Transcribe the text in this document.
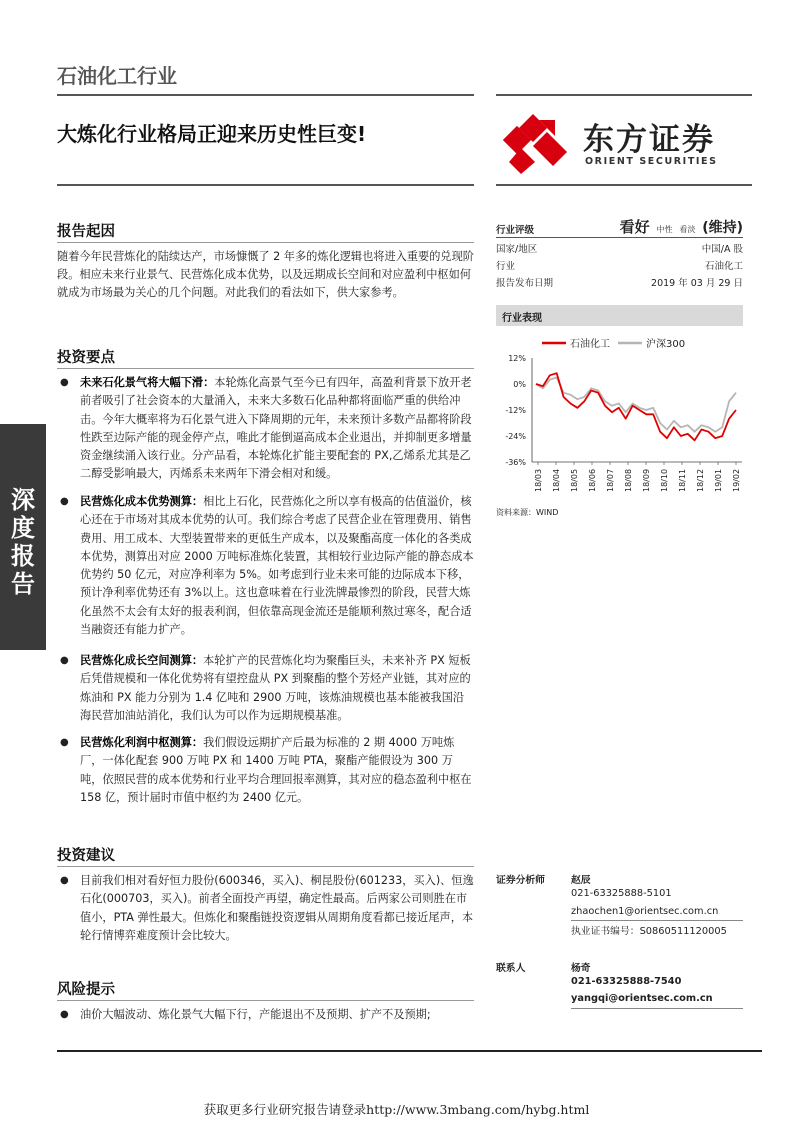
石油化工行业
大炼化行业格局正迎来历史性巨变!	东方证券
ORIENT SECURITIES
深度报告
报告起因
随着今年民营炼化的陆续达产，市场慷慨了 2 年多的炼化逻辑也将进入重要的兑现阶段。相应未来行业景气、民营炼化成本优势，以及远期成长空间和对应盈利中枢如何就成为市场最为关心的几个问题。对此我们的看法如下，供大家参考。
投资要点
● 未来石化景气将大幅下滑：本轮炼化高景气至今已有四年，高盈利背景下放开老前者吸引了社会资本的大量涌入，未来大多数石化品种都将面临严重的供给冲击。今年大概率将为石化景气进入下降周期的元年，未来预计多数产品都将阶段性跌至边际产能的现金停产点，唯此才能倒逼高成本企业退出，并抑制更多增量资金继续涌入该行业。分产品看，本轮炼化扩能主要配套的 PX,乙烯系尤其是乙二醇受影响最大，丙烯系未来两年下滑会相对和缓。
● 民营炼化成本优势测算：相比上石化，民营炼化之所以享有极高的估值溢价，核心还在于市场对其成本优势的认可。我们综合考虑了民营企业在管理费用、销售费用、用工成本、大型装置带来的更低生产成本，以及聚酯高度一体化的各类成本优势，测算出对应 2000 万吨标准炼化装置，其相较行业边际产能的静态成本优势约 50 亿元，对应净利率为 5%。如考虑到行业未来可能的边际成本下移，预计净利率优势还有 3%以上。这也意味着在行业洗牌最惨烈的阶段，民营大炼化虽然不太会有太好的报表利润，但依靠高现金流还是能顺利熬过寒冬，配合适当融资还有能力扩产。
● 民营炼化成长空间测算：本轮扩产的民营炼化均为聚酯巨头，未来补齐 PX 短板后凭借规模和一体化优势将有望控盘从 PX 到聚酯的整个芳烃产业链，其对应的炼油和 PX 能力分别为 1.4 亿吨和 2900 万吨，该炼油规模也基本能被我国沿海民营加油站消化，我们认为可以作为远期规模基准。
● 民营炼化利润中枢测算：我们假设远期扩产后最为标准的 2 期 4000 万吨炼厂，一体化配套 900 万吨 PX 和 1400 万吨 PTA，聚酯产能假设为 300 万吨，依照民营的成本优势和行业平均合理回报率测算，其对应的稳态盈利中枢在 158 亿，预计届时市值中枢约为 2400 亿元。
投资建议
● 目前我们相对看好恒力股份(600346，买入)、桐昆股份(601233，买入)、恒逸石化(000703，买入)。前者全面投产再望，确定性最高。后两家公司则胜在市值小，PTA 弹性最大。但炼化和聚酯链投资逻辑从周期角度看都已接近尾声，本轮行情博弈难度预计会比较大。
风险提示
● 油价大幅波动、炼化景气大幅下行，产能退出不及预期、扩产不及预期;
行业评级	看好 中性 看淡 (维持)
国家/地区	中国/A 股
行业	石油化工
报告发布日期	2019 年 03 月 29 日
行业表现
石油化工	沪深300
12%
0%
-12%
-24%
-36%
18/03 18/04 18/05 18/06 18/07 18/08 18/09 18/10 18/11 18/12 19/01 19/02
资料来源：WIND
证券分析师	赵辰
021-63325888-5101
zhaochen1@orientsec.com.cn
执业证书编号：S0860511120005
联系人	杨奇
021-63325888-7540
yangqi@orientsec.com.cn
获取更多行业研究报告请登录http://www.3mbang.com/hybg.html
